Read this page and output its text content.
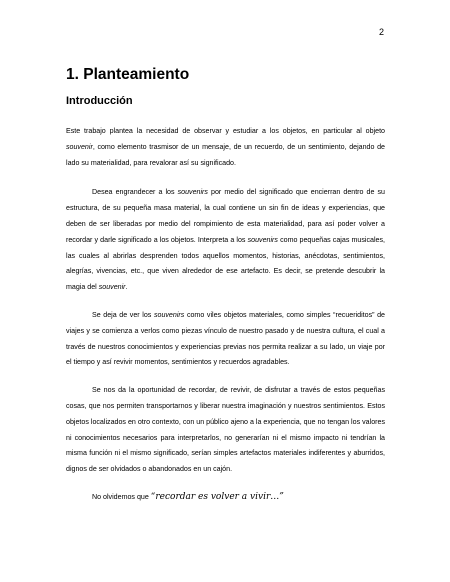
2
1. Planteamiento
Introducción

Este trabajo plantea la necesidad de observar y estudiar a los objetos, en particular al objeto souvenir, como elemento trasmisor de un mensaje, de un recuerdo, de un sentimiento, dejando de lado su materialidad, para revalorar así su significado.

Desea engrandecer a los souvenirs por medio del significado que encierran dentro de su estructura, de su pequeña masa material, la cual contiene un sin fin de ideas y experiencias, que deben de ser liberadas por medio del rompimiento de esta materialidad, para así poder volver a recordar y darle significado a los objetos. Interpreta a los souvenirs como pequeñas cajas musicales, las cuales al abrirlas desprenden todos aquellos momentos, historias, anécdotas, sentimientos, alegrías, vivencias, etc., que viven alrededor de ese artefacto. Es decir, se pretende descubrir la magia del souvenir.

Se deja de ver los souvenirs como viles objetos materiales, como simples “recueriditos” de viajes y se comienza a verlos como piezas vínculo de nuestro pasado y de nuestra cultura, el cual a través de nuestros conocimientos y experiencias previas nos permita realizar a su lado, un viaje por el tiempo y así revivir momentos, sentimientos y recuerdos agradables.

Se nos da la oportunidad de recordar, de revivir, de disfrutar a través de estos pequeñas cosas, que nos permiten transportarnos y liberar nuestra imaginación y nuestros sentimientos. Estos objetos localizados en otro contexto, con un público ajeno a la experiencia, que no tengan los valores ni conocimientos necesarios para interpretarlos, no generarían ni el mismo impacto ni tendrían la misma función ni el mismo significado, serían simples artefactos materiales indiferentes y aburridos, dignos de ser olvidados o abandonados en un cajón.

No olvidemos que “recordar es volver a vivir…”
